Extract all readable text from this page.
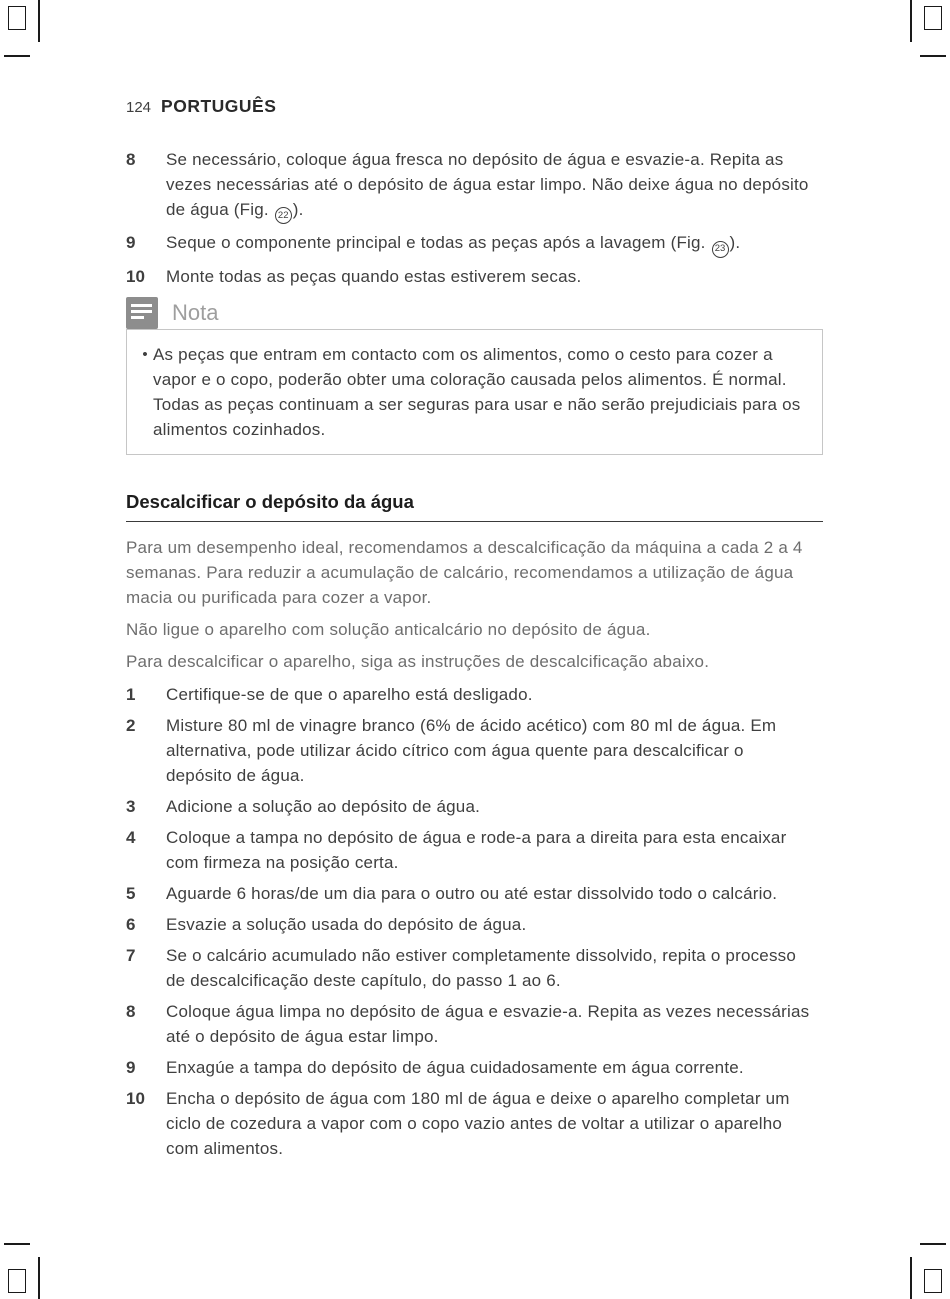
124 PORTUGUÊS
8	Se necessário, coloque água fresca no depósito de água e esvazie-a. Repita as vezes necessárias até o depósito de água estar limpo. Não deixe água no depósito de água (Fig. 22 ).
9	Seque o componente principal e todas as peças após a lavagem (Fig. 23 ).
10	Monte todas as peças quando estas estiverem secas.
Nota
• As peças que entram em contacto com os alimentos, como o cesto para cozer a vapor e o copo, poderão obter uma coloração causada pelos alimentos. É normal. Todas as peças continuam a ser seguras para usar e não serão prejudiciais para os alimentos cozinhados.
Descalcificar o depósito da água

Para um desempenho ideal, recomendamos a descalcificação da máquina a cada 2 a 4 semanas. Para reduzir a acumulação de calcário, recomendamos a utilização de água macia ou purificada para cozer a vapor.

Não ligue o aparelho com solução anticalcário no depósito de água.

Para descalcificar o aparelho, siga as instruções de descalcificação abaixo.

1	Certifique-se de que o aparelho está desligado.
2	Misture 80 ml de vinagre branco (6% de ácido acético) com 80 ml de água. Em alternativa, pode utilizar ácido cítrico com água quente para descalcificar o depósito de água.
3	Adicione a solução ao depósito de água.
4	Coloque a tampa no depósito de água e rode-a para a direita para esta encaixar com firmeza na posição certa.
5	Aguarde 6 horas/de um dia para o outro ou até estar dissolvido todo o calcário.
6	Esvazie a solução usada do depósito de água.
7	Se o calcário acumulado não estiver completamente dissolvido, repita o processo de descalcificação deste capítulo, do passo 1 ao 6.
8	Coloque água limpa no depósito de água e esvazie-a. Repita as vezes necessárias até o depósito de água estar limpo.
9	Enxagúe a tampa do depósito de água cuidadosamente em água corrente.
10	Encha o depósito de água com 180 ml de água e deixe o aparelho completar um ciclo de cozedura a vapor com o copo vazio antes de voltar a utilizar o aparelho com alimentos.
